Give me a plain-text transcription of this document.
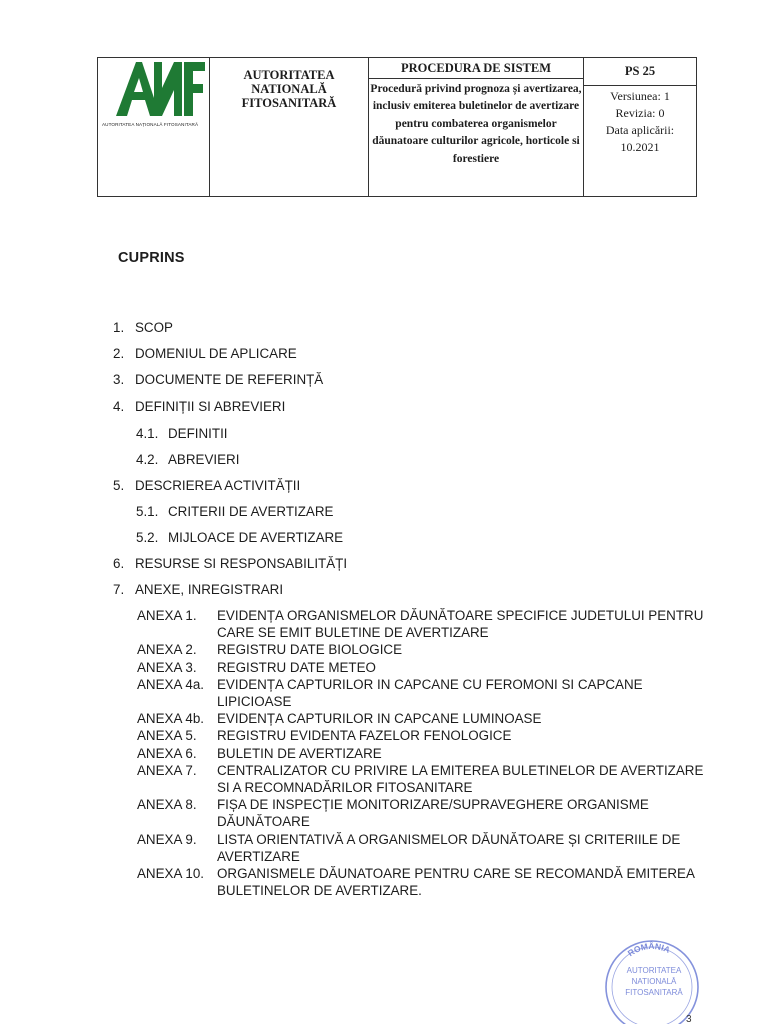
AUTORITATEA NAȚIONALĂ FITOSANITARĂ

AUTORITATEA
NATIONALĂ
FITOSANITARĂ

PROCEDURA DE SISTEM
Procedură privind prognoza și avertizarea, inclusiv emiterea buletinelor de avertizare pentru combaterea organismelor dăunatoare culturilor agricole, horticole si forestiere

PS 25
Versiunea: 1
Revizia: 0
Data aplicării:
10.2021

CUPRINS
1. SCOP
2. DOMENIUL DE APLICARE
3. DOCUMENTE DE REFERINȚĂ
4. DEFINIȚII SI ABREVIERI
4.1. DEFINITII
4.2. ABREVIERI
5. DESCRIEREA ACTIVITĂȚII
5.1. CRITERII DE AVERTIZARE
5.2. MIJLOACE DE AVERTIZARE
6. RESURSE SI RESPONSABILITĂȚI
7. ANEXE, INREGISTRARI
ANEXA 1.	EVIDENȚA ORGANISMELOR DĂUNĂTOARE SPECIFICE JUDETULUI PENTRU CARE SE EMIT BULETINE DE AVERTIZARE
ANEXA 2.	REGISTRU DATE BIOLOGICE
ANEXA 3.	REGISTRU DATE METEO
ANEXA 4a. EVIDENȚA CAPTURILOR IN CAPCANE CU FEROMONI SI CAPCANE LIPICIOASE
ANEXA 4b. EVIDENȚA CAPTURILOR IN CAPCANE LUMINOASE
ANEXA 5.	REGISTRU EVIDENTA FAZELOR FENOLOGICE
ANEXA 6.	BULETIN DE AVERTIZARE
ANEXA 7.	CENTRALIZATOR CU PRIVIRE LA EMITEREA BULETINELOR DE AVERTIZARE SI A RECOMNADĂRILOR FITOSANITARE
ANEXA 8.	FIȘA DE INSPECȚIE MONITORIZARE/SUPRAVEGHERE ORGANISME DĂUNĂTOARE
ANEXA 9.	LISTA ORIENTATIVĂ A ORGANISMELOR DĂUNĂTOARE ȘI CRITERIILE DE AVERTIZARE
ANEXA 10. ORGANISMELE DĂUNATOARE PENTRU CARE SE RECOMANDĂ EMITEREA BULETINELOR DE AVERTIZARE.
ROMÂNIA
AUTORITATEA
NATIONALĂ
FITOSANITARĂ
3
